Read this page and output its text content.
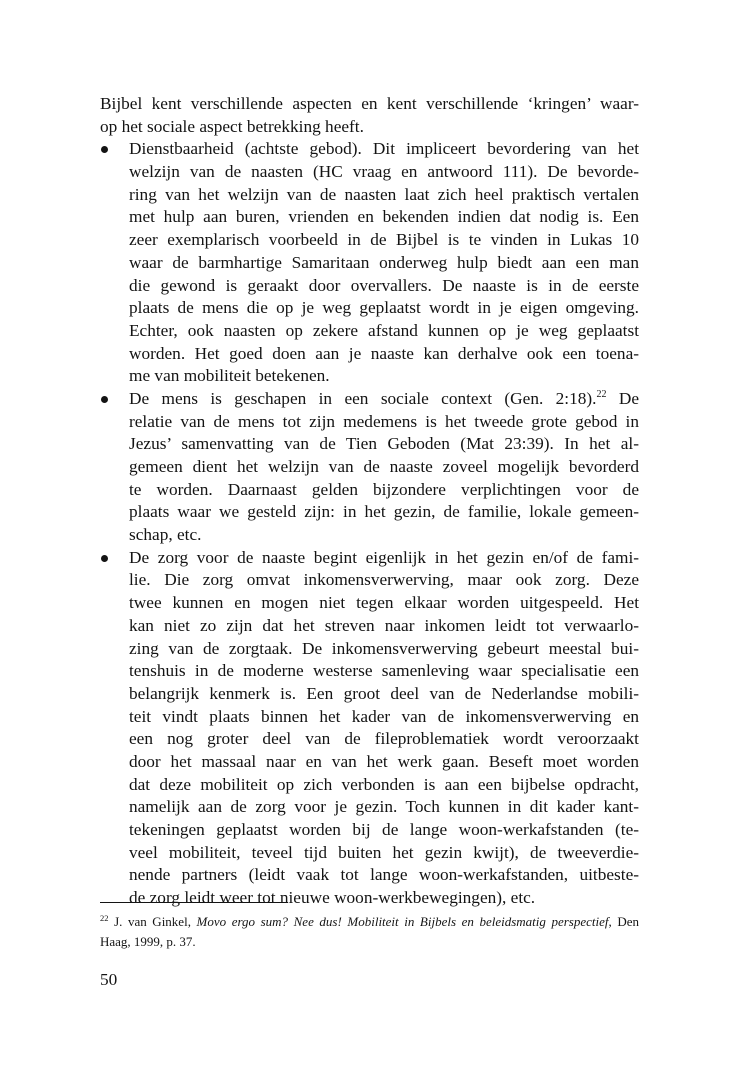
Bijbel kent verschillende aspecten en kent verschillende ‘kringen’ waar-
op het sociale aspect betrekking heeft.
Dienstbaarheid (achtste gebod). Dit impliceert bevordering van het
welzijn van de naasten (HC vraag en antwoord 111). De bevorde-
ring van het welzijn van de naasten laat zich heel praktisch vertalen
met hulp aan buren, vrienden en bekenden indien dat nodig is. Een
zeer exemplarisch voorbeeld in de Bijbel is te vinden in Lukas 10
waar de barmhartige Samaritaan onderweg hulp biedt aan een man
die gewond is geraakt door overvallers. De naaste is in de eerste
plaats de mens die op je weg geplaatst wordt in je eigen omgeving.
Echter, ook naasten op zekere afstand kunnen op je weg geplaatst
worden. Het goed doen aan je naaste kan derhalve ook een toena-
me van mobiliteit betekenen.
De mens is geschapen in een sociale context (Gen. 2:18).$^{22}$ De
relatie van de mens tot zijn medemens is het tweede grote gebod in
Jezus’ samenvatting van de Tien Geboden (Mat 23:39). In het al-
gemeen dient het welzijn van de naaste zoveel mogelijk bevorderd
te worden. Daarnaast gelden bijzondere verplichtingen voor de
plaats waar we gesteld zijn: in het gezin, de familie, lokale gemeen-
schap, etc.
De zorg voor de naaste begint eigenlijk in het gezin en/of de fami-
lie. Die zorg omvat inkomensverwerving, maar ook zorg. Deze
twee kunnen en mogen niet tegen elkaar worden uitgespeeld. Het
kan niet zo zijn dat het streven naar inkomen leidt tot verwaarlo-
zing van de zorgtaak. De inkomensverwerving gebeurt meestal bui-
tenshuis in de moderne westerse samenleving waar specialisatie een
belangrijk kenmerk is. Een groot deel van de Nederlandse mobili-
teit vindt plaats binnen het kader van de inkomensverwerving en
een nog groter deel van de fileproblematiek wordt veroorzaakt
door het massaal naar en van het werk gaan. Beseft moet worden
dat deze mobiliteit op zich verbonden is aan een bijbelse opdracht,
namelijk aan de zorg voor je gezin. Toch kunnen in dit kader kant-
tekeningen geplaatst worden bij de lange woon-werkafstanden (te-
veel mobiliteit, teveel tijd buiten het gezin kwijt), de tweeverdie-
nende partners (leidt vaak tot lange woon-werkafstanden, uitbeste-
de zorg leidt weer tot nieuwe woon-werkbewegingen), etc.
$^{22}$ J. van Ginkel, Movo ergo sum? Nee dus! Mobiliteit in Bijbels en beleidsmatig perspectief, Den
Haag, 1999, p. 37.
50
